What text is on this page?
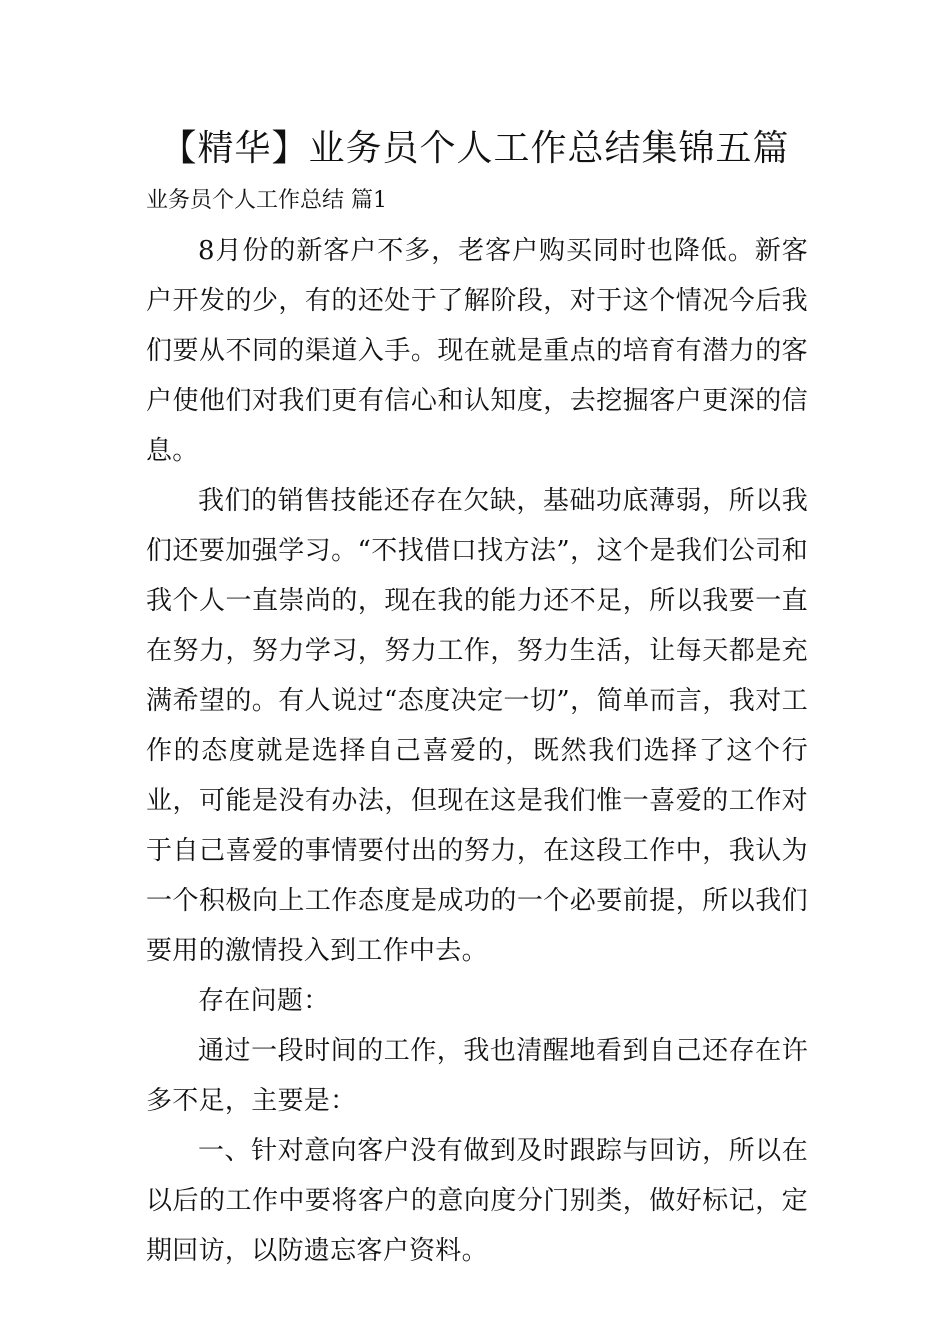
【精华】业务员个人工作总结集锦五篇
业务员个人工作总结 篇1

8月份的新客户不多，老客户购买同时也降低。新客户开发的少，有的还处于了解阶段，对于这个情况今后我们要从不同的渠道入手。现在就是重点的培育有潜力的客户使他们对我们更有信心和认知度，去挖掘客户更深的信息。

我们的销售技能还存在欠缺，基础功底薄弱，所以我们还要加强学习。“不找借口找方法”，这个是我们公司和我个人一直崇尚的，现在我的能力还不足，所以我要一直在努力，努力学习，努力工作，努力生活，让每天都是充满希望的。有人说过“态度决定一切”，简单而言，我对工作的态度就是选择自己喜爱的，既然我们选择了这个行业，可能是没有办法，但现在这是我们惟一喜爱的工作对于自己喜爱的事情要付出的努力，在这段工作中，我认为一个积极向上工作态度是成功的一个必要前提，所以我们要用的激情投入到工作中去。

存在问题：

通过一段时间的工作，我也清醒地看到自己还存在许多不足，主要是：

一、针对意向客户没有做到及时跟踪与回访，所以在以后的工作中要将客户的意向度分门别类，做好标记，定期回访，以防遗忘客户资料。
